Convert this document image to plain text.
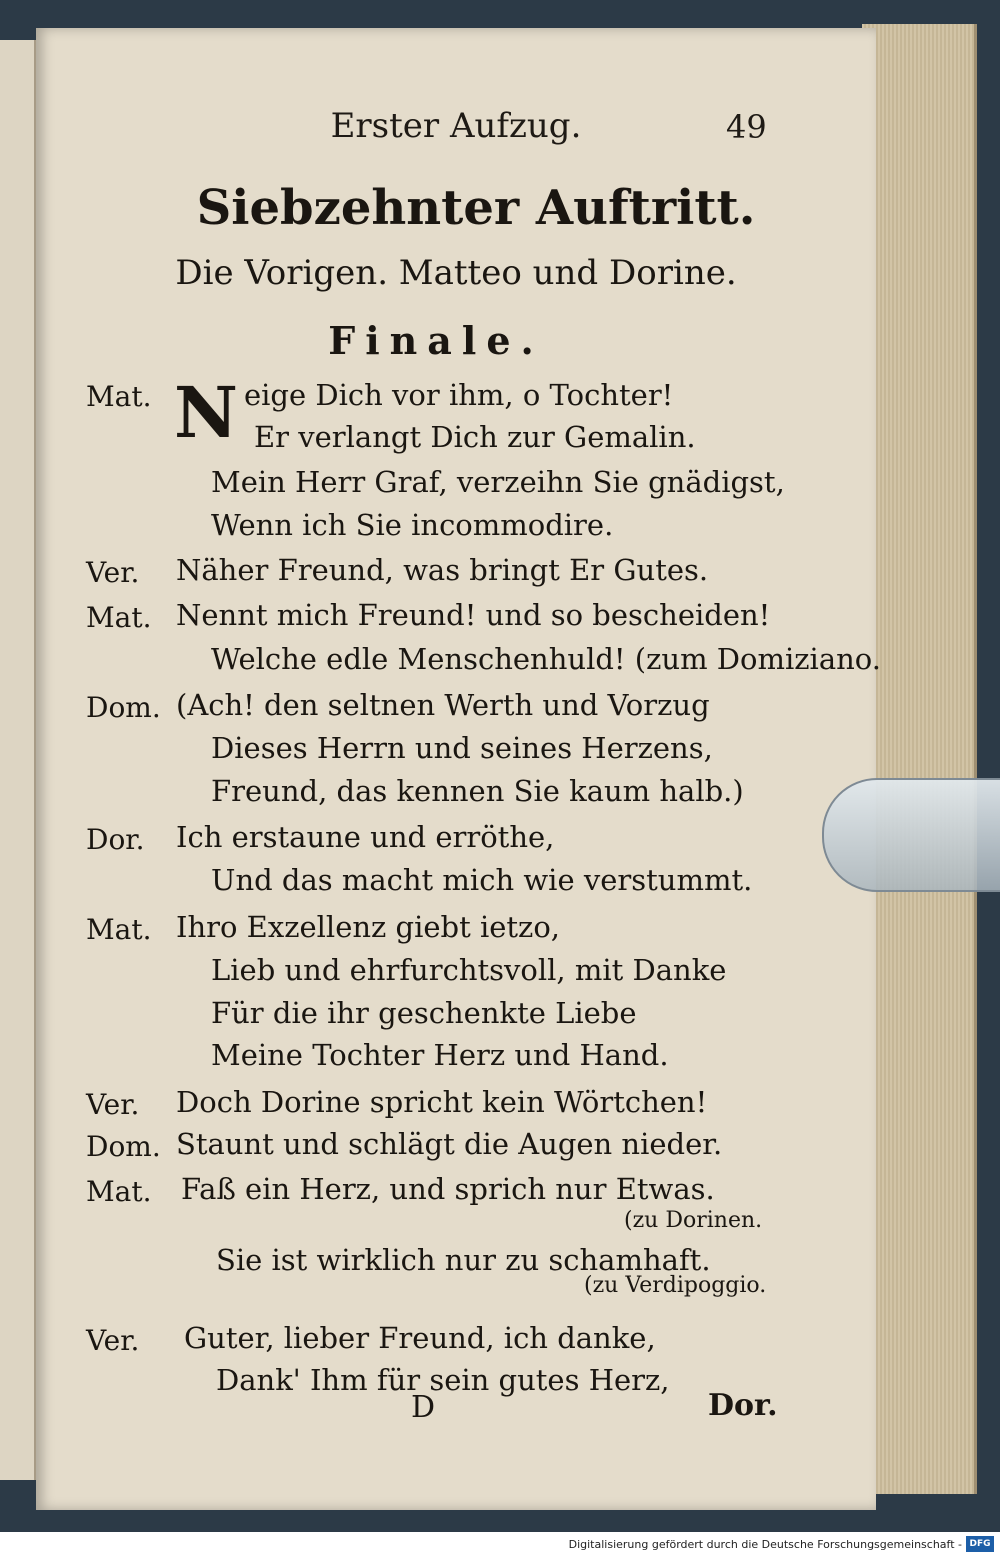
Erster Aufzug.	49
Siebzehnter Auftritt.
Die Vorigen. Matteo und Dorine.
Finale.
Mat. N eige Dich vor ihm, o Tochter!
Er verlangt Dich zur Gemalin.
Mein Herr Graf, verzeihn Sie gnädigst,
Wenn ich Sie incommodire.
Ver. Näher Freund, was bringt Er Gutes.
Mat. Nennt mich Freund! und so bescheiden!
Welche edle Menschenhuld! (zum Domiziano.
Dom. (Ach! den seltnen Werth und Vorzug
Dieses Herrn und seines Herzens,
Freund, das kennen Sie kaum halb.)
Dor. Ich erstaune und erröthe,
Und das macht mich wie verstummt.
Mat. Ihro Exzellenz giebt ietzo,
Lieb und ehrfurchtsvoll, mit Danke
Für die ihr geschenkte Liebe
Meine Tochter Herz und Hand.
Ver. Doch Dorine spricht kein Wörtchen!
Dom. Staunt und schlägt die Augen nieder.
Mat. Faß ein Herz, und sprich nur Etwas.
(zu Dorinen.
Sie ist wirklich nur zu schamhaft.
(zu Verdipoggio.
Ver. Guter, lieber Freund, ich danke,
Dank' Ihm für sein gutes Herz,
D	Dor.
Digitalisierung gefördert durch die Deutsche Forschungsgemeinschaft - DFG
